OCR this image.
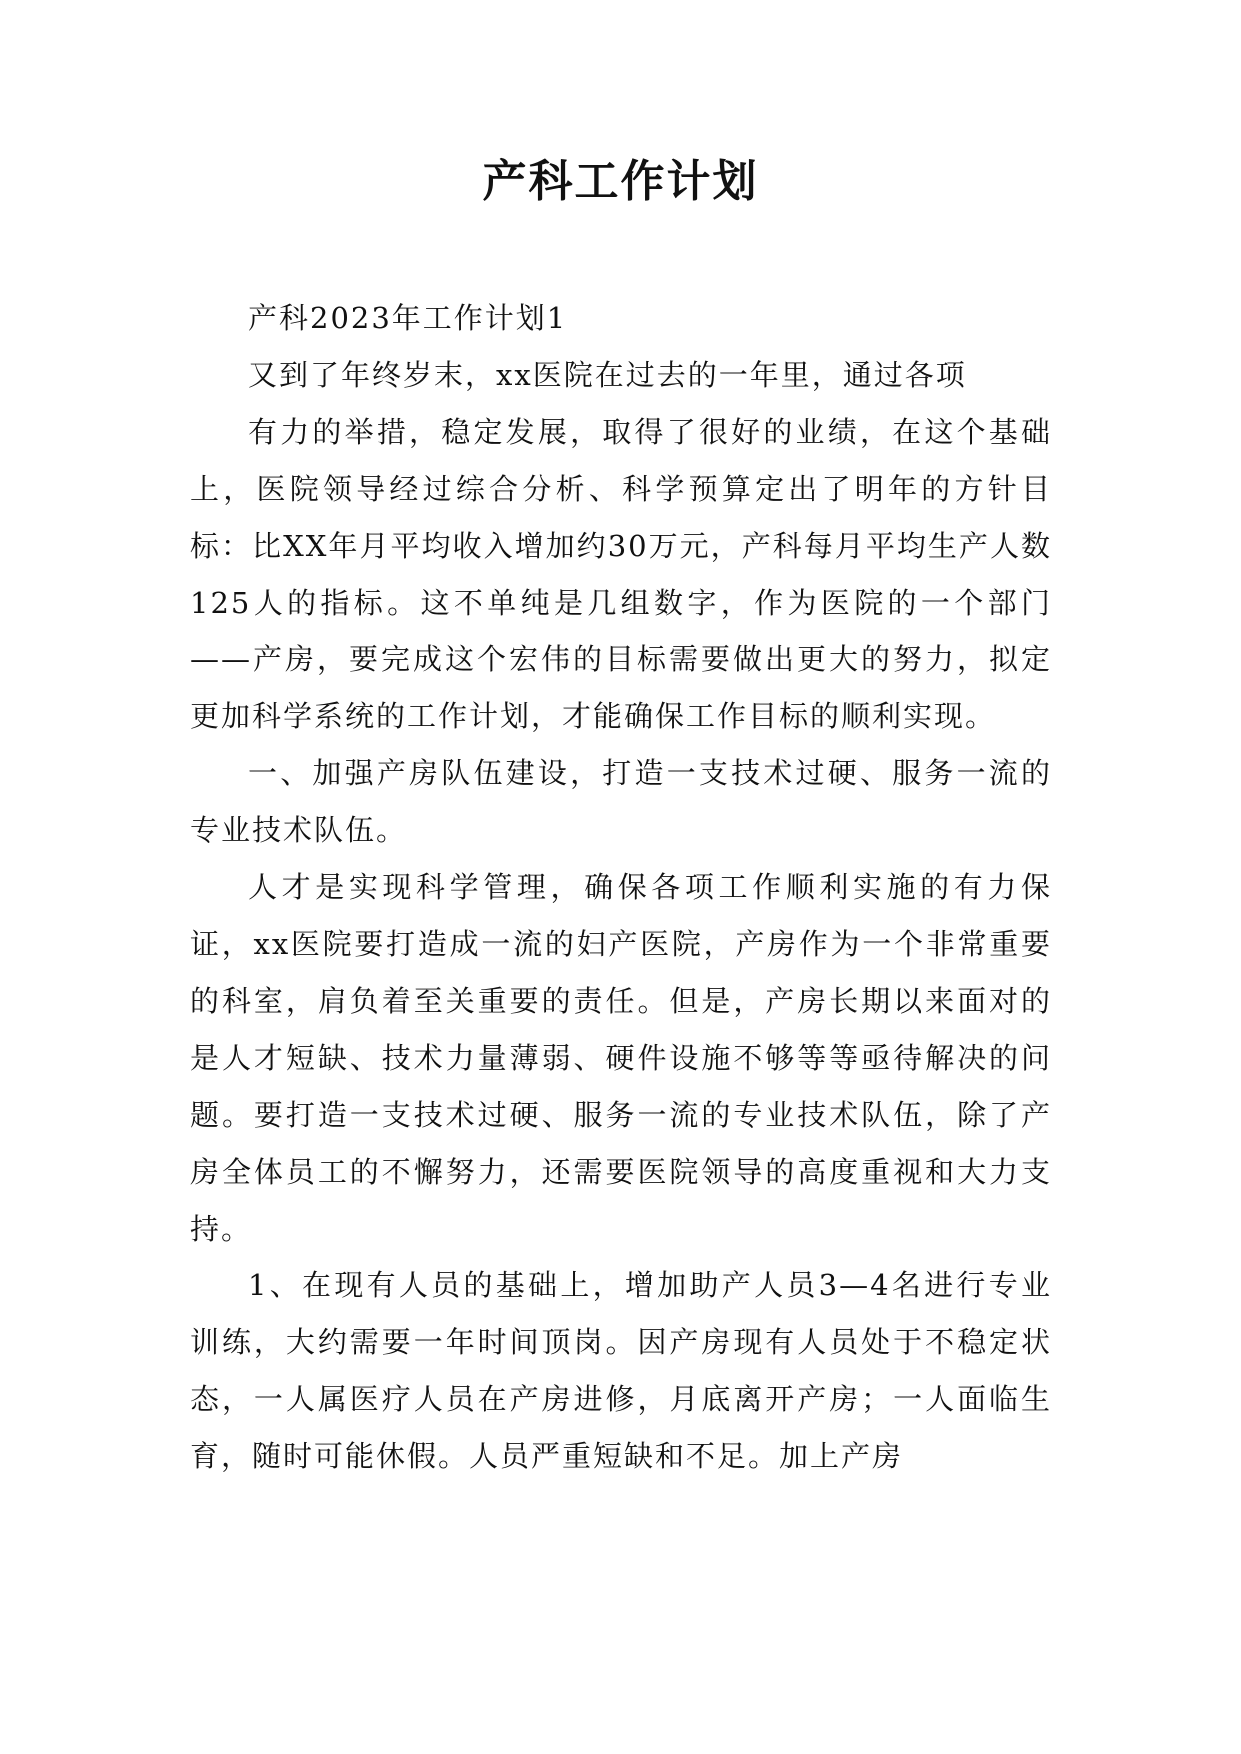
产科工作计划

产科2023年工作计划1

又到了年终岁末，xx医院在过去的一年里，通过各项

有力的举措，稳定发展，取得了很好的业绩，在这个基础上，医院领导经过综合分析、科学预算定出了明年的方针目标：比XX年月平均收入增加约30万元，产科每月平均生产人数125人的指标。这不单纯是几组数字，作为医院的一个部门——产房，要完成这个宏伟的目标需要做出更大的努力，拟定更加科学系统的工作计划，才能确保工作目标的顺利实现。

一、加强产房队伍建设，打造一支技术过硬、服务一流的专业技术队伍。

人才是实现科学管理，确保各项工作顺利实施的有力保证，xx医院要打造成一流的妇产医院，产房作为一个非常重要的科室，肩负着至关重要的责任。但是，产房长期以来面对的是人才短缺、技术力量薄弱、硬件设施不够等等亟待解决的问题。要打造一支技术过硬、服务一流的专业技术队伍，除了产房全体员工的不懈努力，还需要医院领导的高度重视和大力支持。

1、在现有人员的基础上，增加助产人员3—4名进行专业训练，大约需要一年时间顶岗。因产房现有人员处于不稳定状态，一人属医疗人员在产房进修，月底离开产房；一人面临生育，随时可能休假。人员严重短缺和不足。加上产房
